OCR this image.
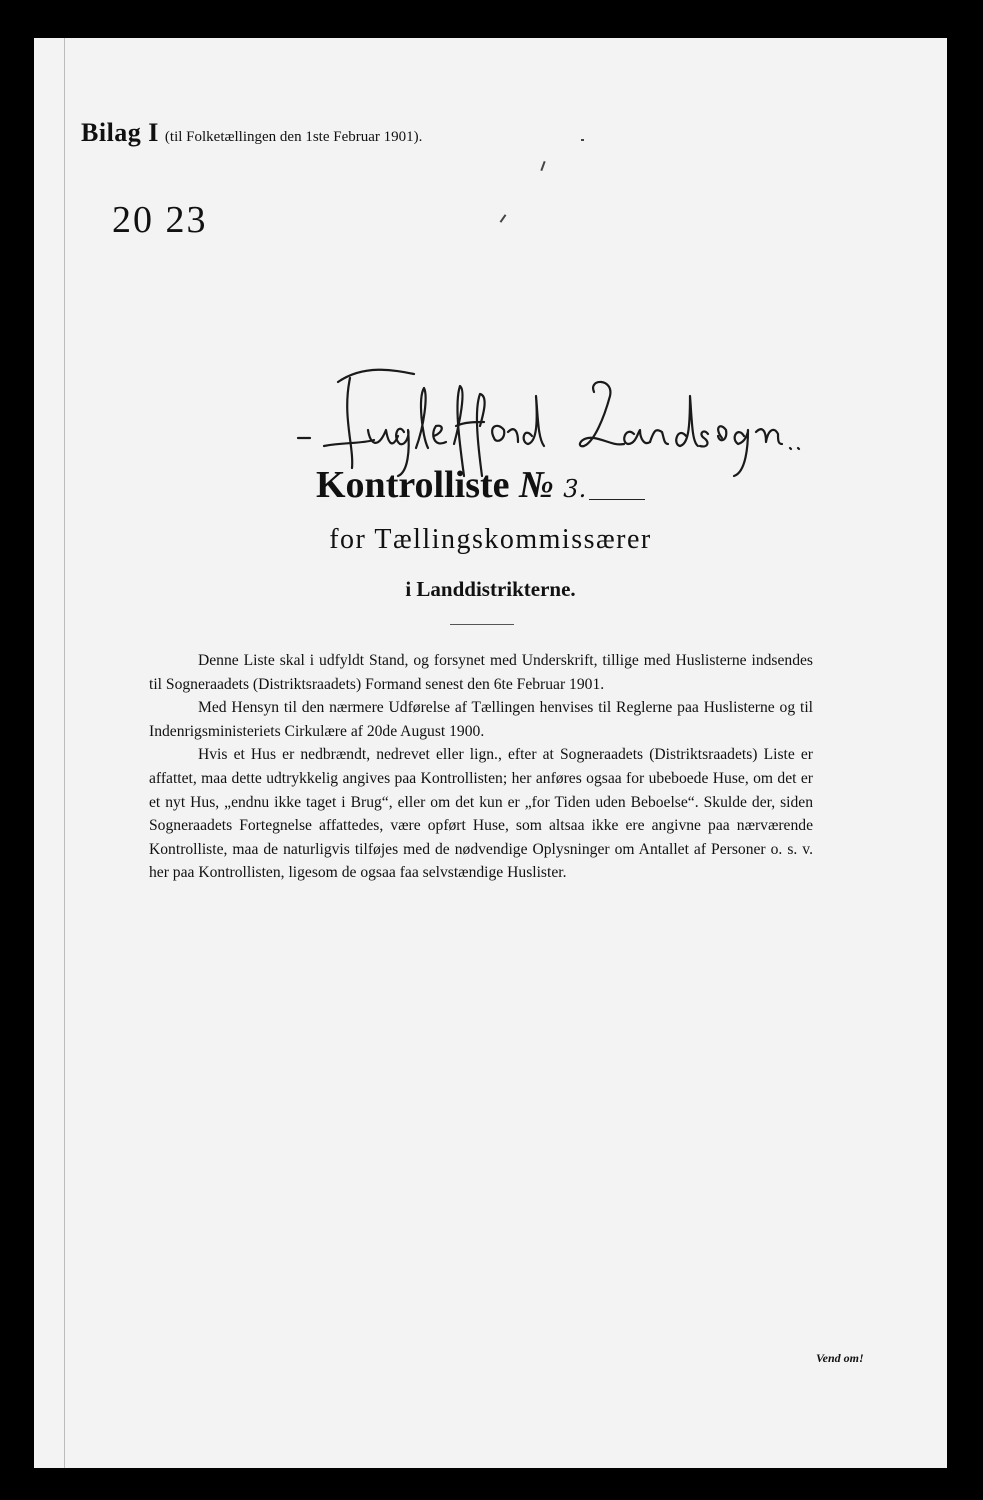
Bilag I (til Folketællingen den 1ste Februar 1901).
20 23
Kontrolliste № 3.
for Tællingskommissærer
i Landdistrikterne.

Denne Liste skal i udfyldt Stand, og forsynet med Underskrift, tillige med Huslisterne indsendes til Sogneraadets (Distriktsraadets) Formand senest den 6te Februar 1901.

Med Hensyn til den nærmere Udførelse af Tællingen henvises til Reglerne paa Huslisterne og til Indenrigsministeriets Cirkulære af 20de August 1900.

Hvis et Hus er nedbrændt, nedrevet eller lign., efter at Sogneraadets (Distriktsraadets) Liste er affattet, maa dette udtrykkelig angives paa Kontrollisten; her anføres ogsaa for ubeboede Huse, om det er et nyt Hus, „endnu ikke taget i Brug“, eller om det kun er „for Tiden uden Beboelse“. Skulde der, siden Sogneraadets Fortegnelse affattedes, være opført Huse, som altsaa ikke ere angivne paa nærværende Kontrolliste, maa de naturligvis tilføjes med de nødvendige Oplysninger om Antallet af Personer o. s. v. her paa Kontrollisten, ligesom de ogsaa faa selvstændige Huslister.

Vend om!
